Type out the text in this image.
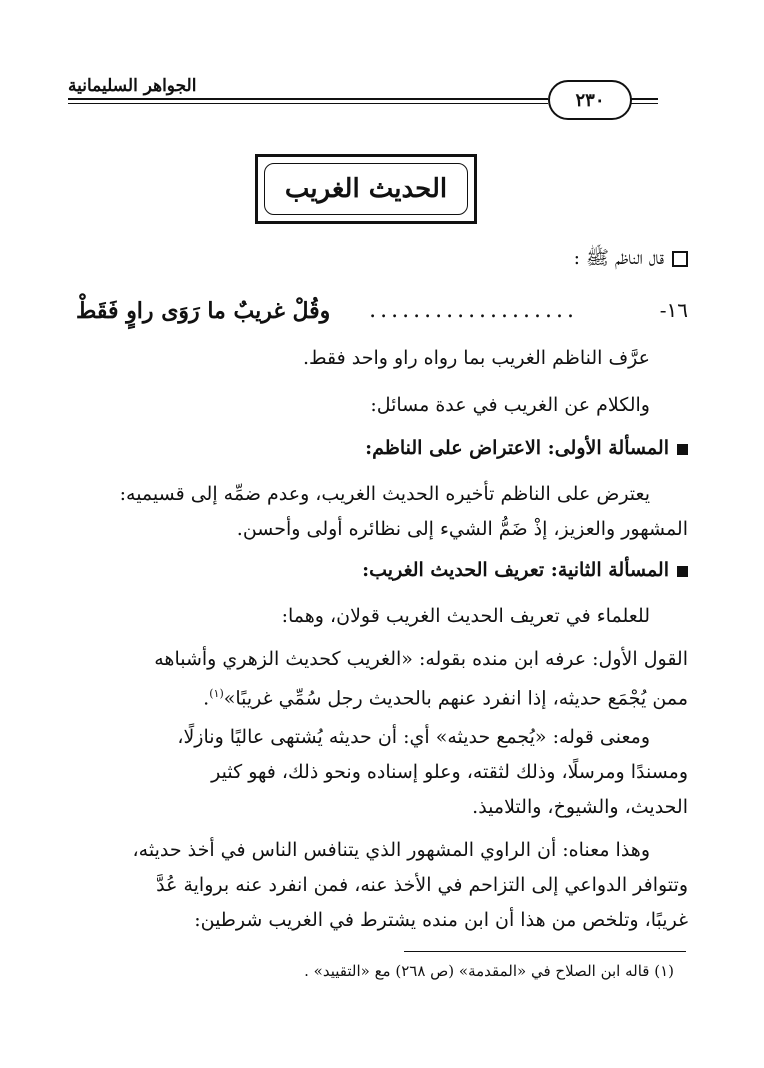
الجواهر السليمانية
٢٣٠
الحديث الغريب
قال الناظم ﷺ :
١٦-
...................
وقُلْ غريبٌ ما رَوَى راوٍ فَقَطْ
عرَّف الناظم الغريب بما رواه راو واحد فقط.
والكلام عن الغريب في عدة مسائل:
المسألة الأولى: الاعتراض على الناظم:
يعترض على الناظم تأخيره الحديث الغريب، وعدم ضمِّه إلى قسيميه:
المشهور والعزيز، إذْ ضَمُّ الشيء إلى نظائره أولى وأحسن.
المسألة الثانية: تعريف الحديث الغريب:
للعلماء في تعريف الحديث الغريب قولان، وهما:
القول الأول: عرفه ابن منده بقوله: «الغريب كحديث الزهري وأشباهه
ممن يُجْمَع حديثه، إذا انفرد عنهم بالحديث رجل سُمِّي غريبًا»$^{(١)}$.
ومعنى قوله: «يُجمع حديثه» أي: أن حديثه يُشتهى عاليًا ونازلًا،
ومسندًا ومرسلًا، وذلك لثقته، وعلو إسناده ونحو ذلك، فهو كثير
الحديث، والشيوخ، والتلاميذ.
وهذا معناه: أن الراوي المشهور الذي يتنافس الناس في أخذ حديثه،
وتتوافر الدواعي إلى التزاحم في الأخذ عنه، فمن انفرد عنه برواية عُدَّ
غريبًا، وتلخص من هذا أن ابن منده يشترط في الغريب شرطين:
(١) قاله ابن الصلاح في «المقدمة» (ص ٢٦٨) مع «التقييد» .
